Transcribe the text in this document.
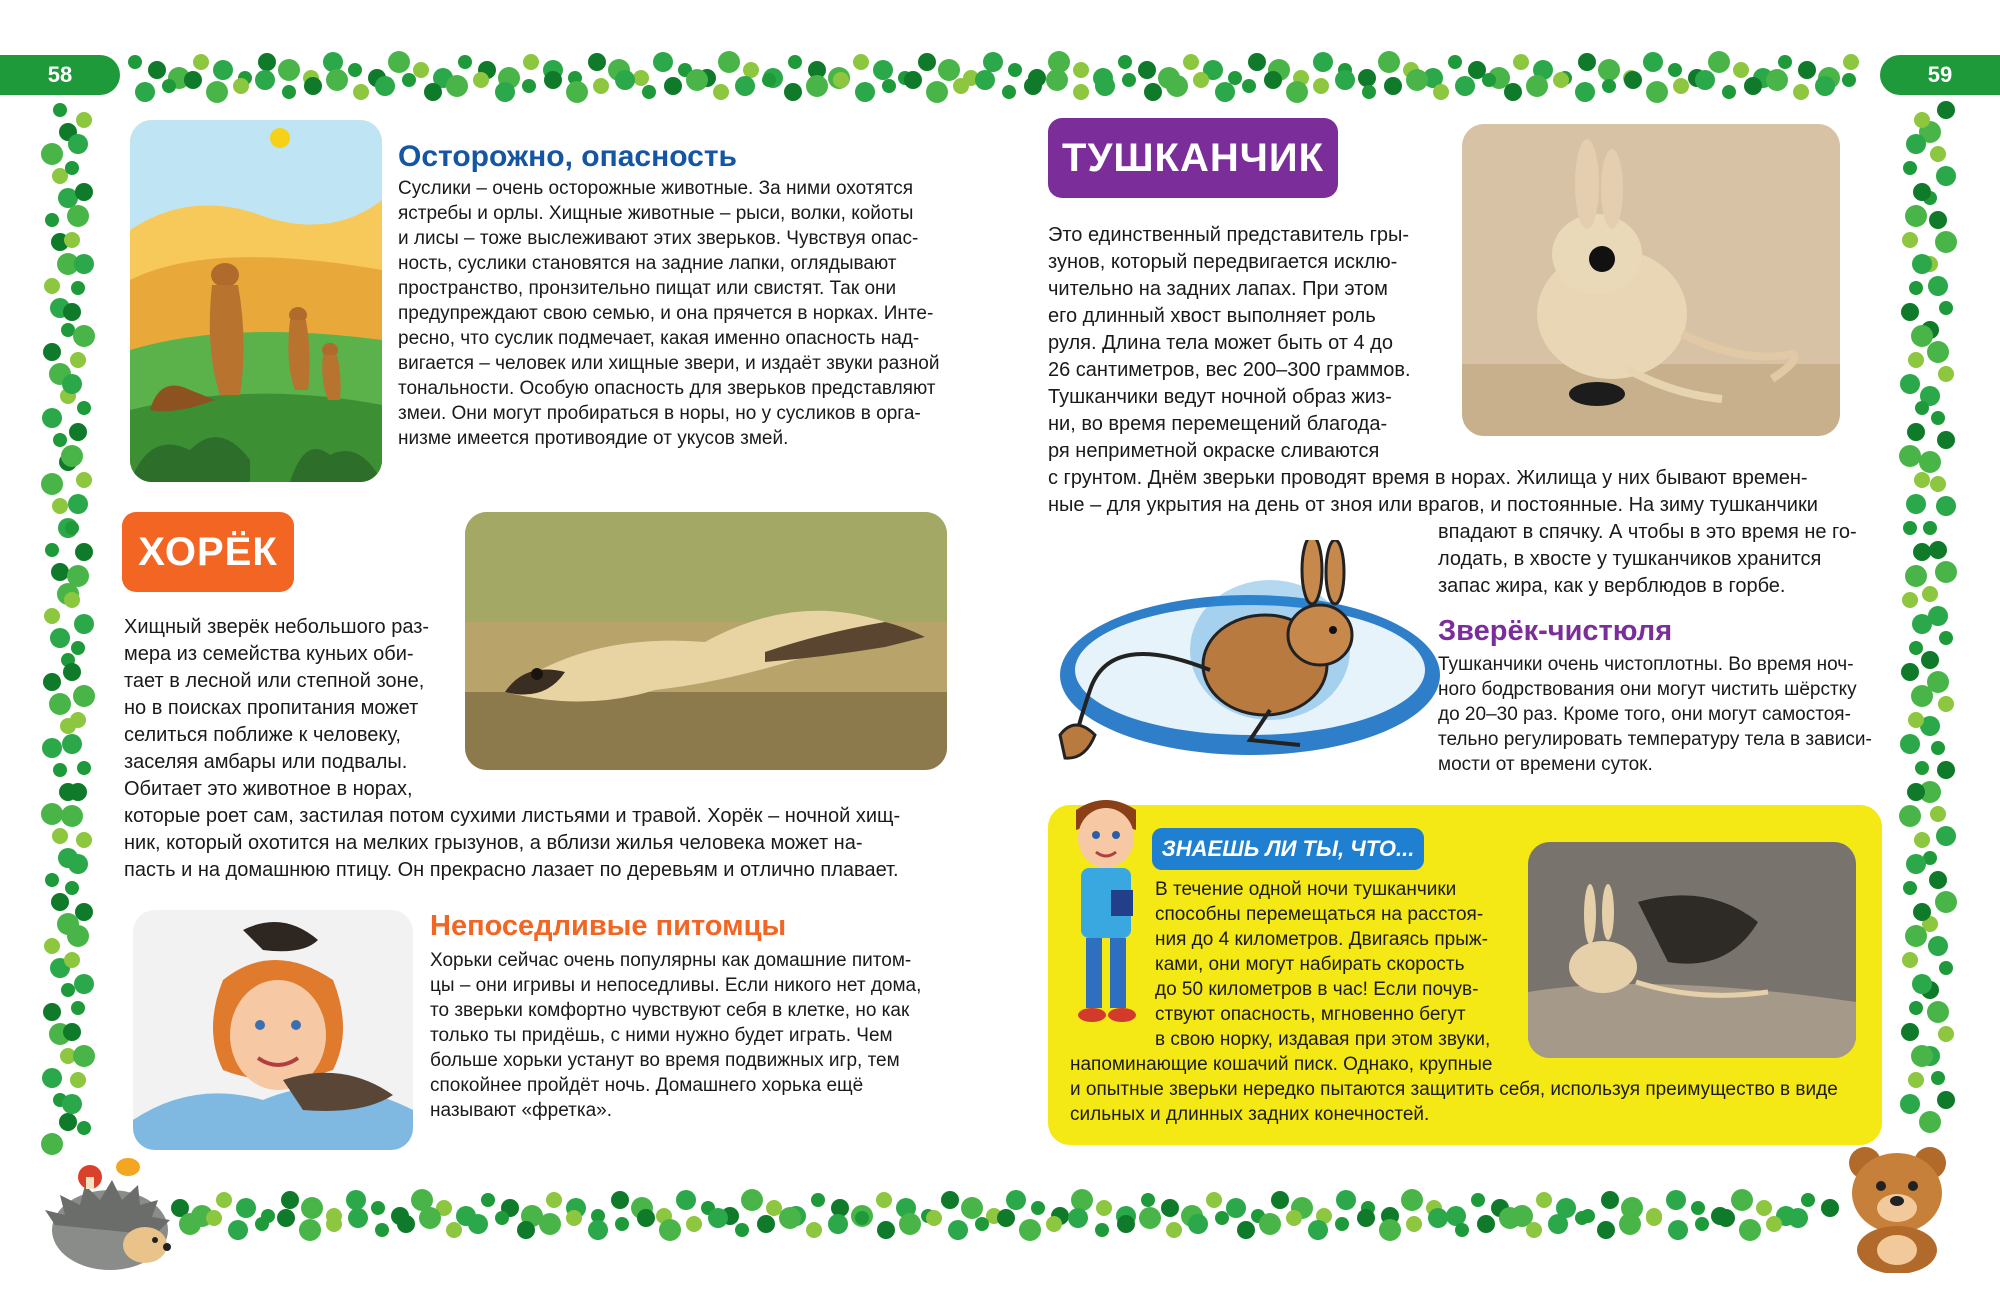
58	59
Осторожно, опасность
Суслики – очень осторожные животные. За ними охотятся
ястребы и орлы. Хищные животные – рыси, волки, койоты
и лисы – тоже выслеживают этих зверьков. Чувствуя опас-
ность, суслики становятся на задние лапки, оглядывают
пространство, пронзительно пищат или свистят. Так они
предупреждают свою семью, и она прячется в норках. Инте-
ресно, что суслик подмечает, какая именно опасность над-
вигается – человек или хищные звери, и издаёт звуки разной
тональности. Особую опасность для зверьков представляют
змеи. Они могут пробираться в норы, но у сусликов в орга-
низме имеется противоядие от укусов змей.
ХОРЁК
Хищный зверёк небольшого раз-
мера из семейства куньих оби-
тает в лесной или степной зоне,
но в поисках пропитания может
селиться поближе к человеку,
заселяя амбары или подвалы.
Обитает это животное в норах,
которые роет сам, застилая потом сухими листьями и травой. Хорёк – ночной хищ-
ник, который охотится на мелких грызунов, а вблизи жилья человека может на-
пасть и на домашнюю птицу. Он прекрасно лазает по деревьям и отлично плавает.
Непоседливые питомцы
Хорьки сейчас очень популярны как домашние питом-
цы – они игривы и непоседливы. Если никого нет дома,
то зверьки комфортно чувствуют себя в клетке, но как
только ты придёшь, с ними нужно будет играть. Чем
больше хорьки устанут во время подвижных игр, тем
спокойнее пройдёт ночь. Домашнего хорька ещё
называют «фретка».
ТУШКАНЧИК
Это единственный представитель гры-
зунов, который передвигается исклю-
чительно на задних лапах. При этом
его длинный хвост выполняет роль
руля. Длина тела может быть от 4 до
26 сантиметров, вес 200–300 граммов.
Тушканчики ведут ночной образ жиз-
ни, во время перемещений благода-
ря неприметной окраске сливаются
с грунтом. Днём зверьки проводят время в норах. Жилища у них бывают времен-
ные – для укрытия на день от зноя или врагов, и постоянные. На зиму тушканчики
впадают в спячку. А чтобы в это время не го-
лодать, в хвосте у тушканчиков хранится
запас жира, как у верблюдов в горбе.
Зверёк-чистюля
Тушканчики очень чистоплотны. Во время ноч-
ного бодрствования они могут чистить шёрстку
до 20–30 раз. Кроме того, они могут самостоя-
тельно регулировать температуру тела в зависи-
мости от времени суток.
ЗНАЕШЬ ЛИ ТЫ, ЧТО...
В течение одной ночи тушканчики
способны перемещаться на расстоя-
ния до 4 километров. Двигаясь прыж-
ками, они могут набирать скорость
до 50 километров в час! Если почув-
ствуют опасность, мгновенно бегут
в свою норку, издавая при этом звуки,
напоминающие кошачий писк. Однако, крупные
и опытные зверьки нередко пытаются защитить себя, используя преимущество в виде
сильных и длинных задних конечностей.
